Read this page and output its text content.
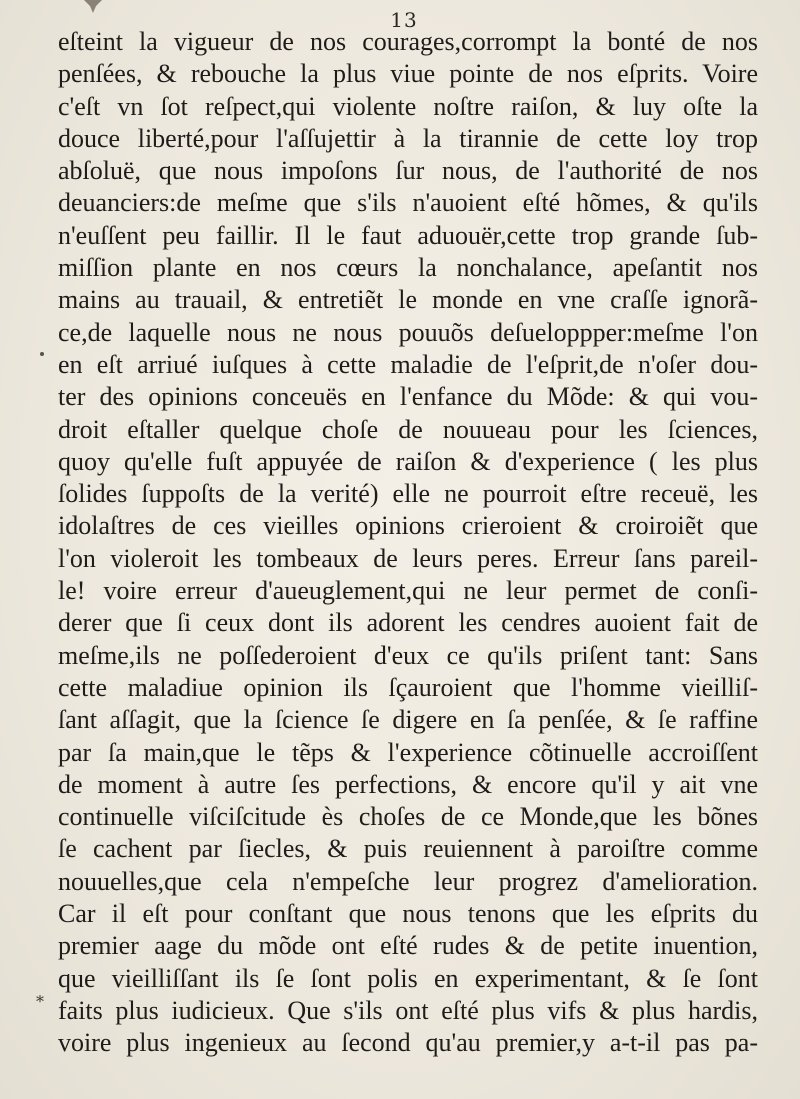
13
eſteint la vigueur de nos courages,corrompt la bonté de nos
penſées, & rebouche la plus viue pointe de nos eſprits. Voire
c'eſt vn ſot reſpect,qui violente noſtre raiſon, & luy oſte la
douce liberté,pour l'aſſujettir à la tirannie de cette loy trop
abſoluë, que nous impoſons ſur nous, de l'authorité de nos
deuanciers:de meſme que s'ils n'auoient eſté hõmes, & qu'ils
n'euſſent peu faillir. Il le faut aduouër,cette trop grande ſub-
miſſion plante en nos cœurs la nonchalance, apeſantit nos
mains au trauail, & entretiẽt le monde en vne craſſe ignorã-
ce,de laquelle nous ne nous pouuõs deſueloppper:meſme l'on
en eſt arriué iuſques à cette maladie de l'eſprit,de n'oſer dou-
ter des opinions conceuës en l'enfance du Mõde: & qui vou-
droit eſtaller quelque choſe de nouueau pour les ſciences,
quoy qu'elle fuſt appuyée de raiſon & d'experience ( les plus
ſolides ſuppoſts de la verité) elle ne pourroit eſtre receuë, les
idolaſtres de ces vieilles opinions crieroient & croiroiẽt que
l'on violeroit les tombeaux de leurs peres. Erreur ſans pareil-
le! voire erreur d'aueuglement,qui ne leur permet de conſi-
derer que ſi ceux dont ils adorent les cendres auoient fait de
meſme,ils ne poſſederoient d'eux ce qu'ils priſent tant: Sans
cette maladiue opinion ils ſçauroient que l'homme vieilliſ-
ſant aſſagit, que la ſcience ſe digere en ſa penſée, & ſe raffine
par ſa main,que le tẽps & l'experience cõtinuelle accroiſſent
de moment à autre ſes perfections, & encore qu'il y ait vne
continuelle viſciſcitude ès choſes de ce Monde,que les bõnes
ſe cachent par ſiecles, & puis reuiennent à paroiſtre comme
nouuelles,que cela n'empeſche leur progrez d'amelioration.
Car il eſt pour conſtant que nous tenons que les eſprits du
premier aage du mõde ont eſté rudes & de petite inuention,
que vieilliſſant ils ſe ſont polis en experimentant, & ſe ſont
faits plus iudicieux. Que s'ils ont eſté plus vifs & plus hardis,
voire plus ingenieux au ſecond qu'au premier,y a-t-il pas pa-
*
